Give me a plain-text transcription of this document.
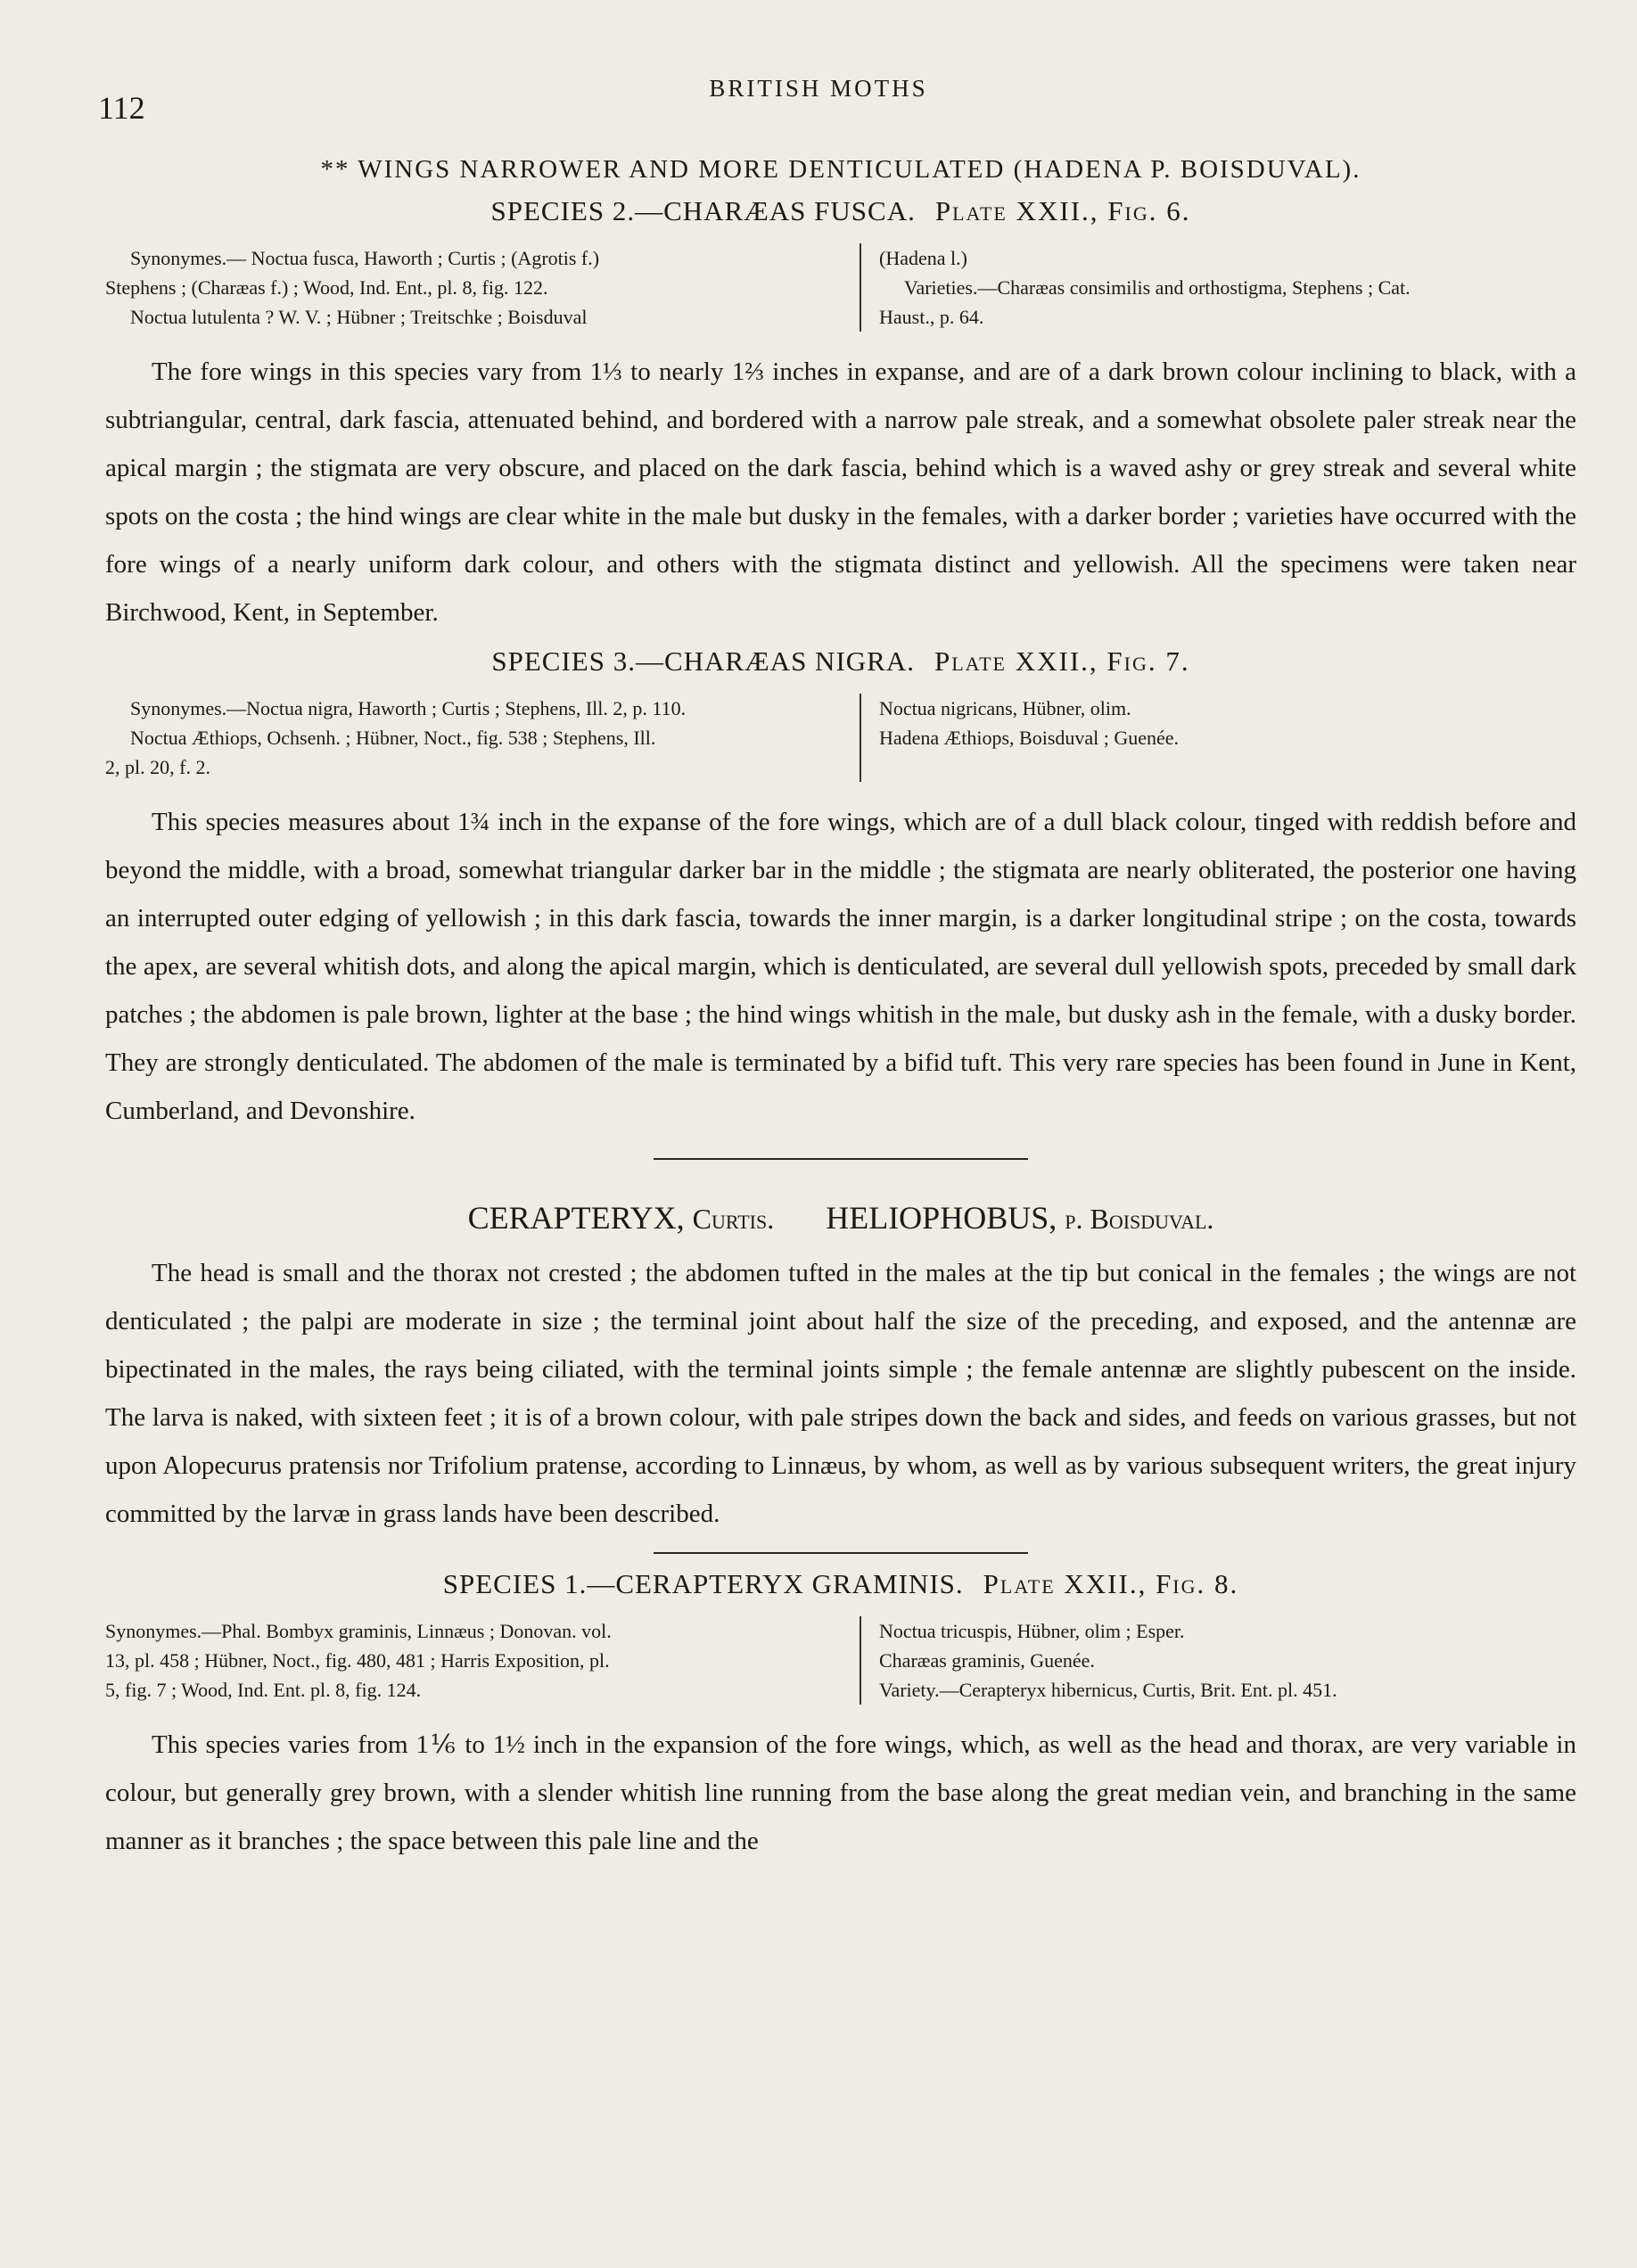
112
BRITISH MOTHS
** WINGS NARROWER AND MORE DENTICULATED (HADENA P. BOISDUVAL).
SPECIES 2.—CHARÆAS FUSCA. Plate XXII., Fig. 6.

Synonymes.— Noctua fusca, Haworth ; Curtis ; (Agrotis f.)

Stephens ; (Charæas f.) ; Wood, Ind. Ent., pl. 8, fig. 122.

Noctua lutulenta ? W. V. ; Hübner ; Treitschke ; Boisduval

(Hadena l.)

Varieties.—Charæas consimilis and orthostigma, Stephens ; Cat.

Haust., p. 64.

The fore wings in this species vary from 1⅓ to nearly 1⅔ inches in expanse, and are of a dark brown colour inclining to black, with a subtriangular, central, dark fascia, attenuated behind, and bordered with a narrow pale streak, and a somewhat obsolete paler streak near the apical margin ; the stigmata are very obscure, and placed on the dark fascia, behind which is a waved ashy or grey streak and several white spots on the costa ; the hind wings are clear white in the male but dusky in the females, with a darker border ; varieties have occurred with the fore wings of a nearly uniform dark colour, and others with the stigmata distinct and yellowish. All the specimens were taken near Birchwood, Kent, in September.

SPECIES 3.—CHARÆAS NIGRA. Plate XXII., Fig. 7.

Synonymes.—Noctua nigra, Haworth ; Curtis ; Stephens, Ill. 2, p. 110.

Noctua Æthiops, Ochsenh. ; Hübner, Noct., fig. 538 ; Stephens, Ill.

2, pl. 20, f. 2.

Noctua nigricans, Hübner, olim.

Hadena Æthiops, Boisduval ; Guenée.

This species measures about 1¾ inch in the expanse of the fore wings, which are of a dull black colour, tinged with reddish before and beyond the middle, with a broad, somewhat triangular darker bar in the middle ; the stigmata are nearly obliterated, the posterior one having an interrupted outer edging of yellowish ; in this dark fascia, towards the inner margin, is a darker longitudinal stripe ; on the costa, towards the apex, are several whitish dots, and along the apical margin, which is denticulated, are several dull yellowish spots, preceded by small dark patches ; the abdomen is pale brown, lighter at the base ; the hind wings whitish in the male, but dusky ash in the female, with a dusky border. They are strongly denticulated. The abdomen of the male is terminated by a bifid tuft. This very rare species has been found in June in Kent, Cumberland, and Devonshire.

CERAPTERYX, Curtis. HELIOPHOBUS, p. Boisduval.

The head is small and the thorax not crested ; the abdomen tufted in the males at the tip but conical in the females ; the wings are not denticulated ; the palpi are moderate in size ; the terminal joint about half the size of the preceding, and exposed, and the antennæ are bipectinated in the males, the rays being ciliated, with the terminal joints simple ; the female antennæ are slightly pubescent on the inside. The larva is naked, with sixteen feet ; it is of a brown colour, with pale stripes down the back and sides, and feeds on various grasses, but not upon Alopecurus pratensis nor Trifolium pratense, according to Linnæus, by whom, as well as by various subsequent writers, the great injury committed by the larvæ in grass lands have been described.

SPECIES 1.—CERAPTERYX GRAMINIS. Plate XXII., Fig. 8.

Synonymes.—Phal. Bombyx graminis, Linnæus ; Donovan. vol.

13, pl. 458 ; Hübner, Noct., fig. 480, 481 ; Harris Exposition, pl.

5, fig. 7 ; Wood, Ind. Ent. pl. 8, fig. 124.

Noctua tricuspis, Hübner, olim ; Esper.

Charæas graminis, Guenée.

Variety.—Cerapteryx hibernicus, Curtis, Brit. Ent. pl. 451.

This species varies from 1⅙ to 1½ inch in the expansion of the fore wings, which, as well as the head and thorax, are very variable in colour, but generally grey brown, with a slender whitish line running from the base along the great median vein, and branching in the same manner as it branches ; the space between this pale line and the
